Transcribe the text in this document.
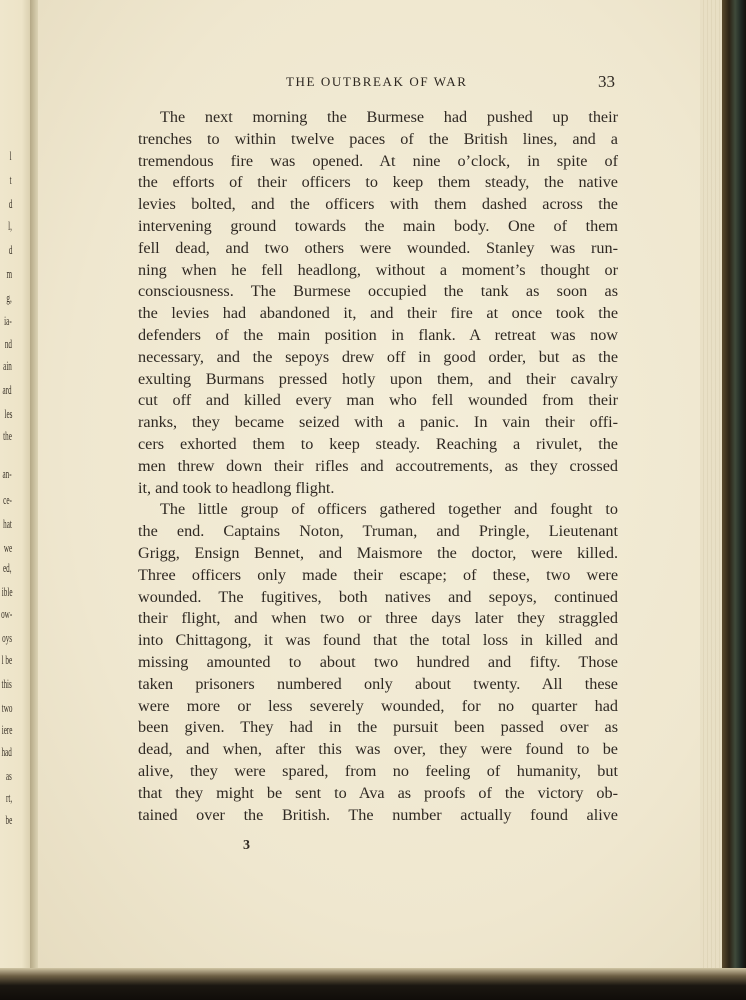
l
t
d
l,
d
m
g,
ia-
nd
ain
ard
les
the
an-
ce-
hat
we
ed,
ible
ow-
oys
l be
this
two
iere
had
as
rt,
be
THE OUTBREAK OF WAR	33
The next morning the Burmese had pushed up their
trenches to within twelve paces of the British lines, and a
tremendous fire was opened. At nine o’clock, in spite of
the efforts of their officers to keep them steady, the native
levies bolted, and the officers with them dashed across the
intervening ground towards the main body. One of them
fell dead, and two others were wounded. Stanley was run-
ning when he fell headlong, without a moment’s thought or
consciousness. The Burmese occupied the tank as soon as
the levies had abandoned it, and their fire at once took the
defenders of the main position in flank. A retreat was now
necessary, and the sepoys drew off in good order, but as the
exulting Burmans pressed hotly upon them, and their cavalry
cut off and killed every man who fell wounded from their
ranks, they became seized with a panic. In vain their offi-
cers exhorted them to keep steady. Reaching a rivulet, the
men threw down their rifles and accoutrements, as they crossed
it, and took to headlong flight.
The little group of officers gathered together and fought to
the end. Captains Noton, Truman, and Pringle, Lieutenant
Grigg, Ensign Bennet, and Maismore the doctor, were killed.
Three officers only made their escape; of these, two were
wounded. The fugitives, both natives and sepoys, continued
their flight, and when two or three days later they straggled
into Chittagong, it was found that the total loss in killed and
missing amounted to about two hundred and fifty. Those
taken prisoners numbered only about twenty. All these
were more or less severely wounded, for no quarter had
been given. They had in the pursuit been passed over as
dead, and when, after this was over, they were found to be
alive, they were spared, from no feeling of humanity, but
that they might be sent to Ava as proofs of the victory ob-
tained over the British. The number actually found alive
3
